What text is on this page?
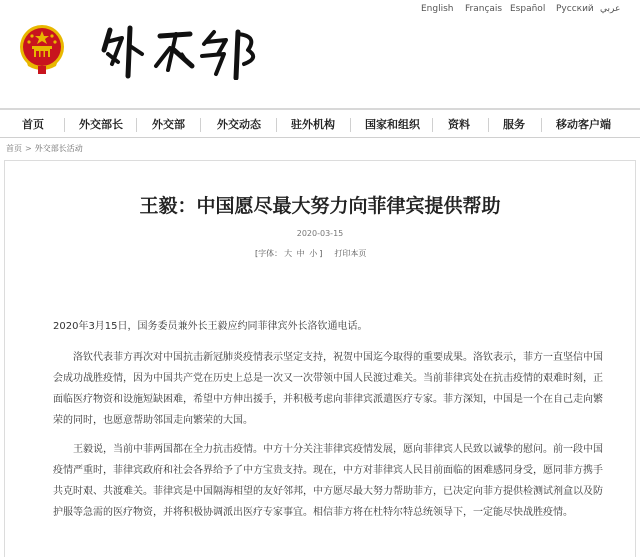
外交部
English Français Español Русский عربي
首页	外交部长	外交部	外交动态	驻外机构	国家和组织	资料	服务	移动客户端
首页 > 外交部长活动
王毅：中国愿尽最大努力向菲律宾提供帮助
2020-03-15
[字体： 大 中 小 ] 打印本页

2020年3月15日，国务委员兼外长王毅应约同菲律宾外长洛钦通电话。

洛钦代表菲方再次对中国抗击新冠肺炎疫情表示坚定支持，祝贺中国迄今取得的重要成果。洛钦表示，菲方一直坚信中国会成功战胜疫情，因为中国共产党在历史上总是一次又一次带领中国人民渡过难关。当前菲律宾处在抗击疫情的艰难时刻，正面临医疗物资和设施短缺困难，希望中方伸出援手，并积极考虑向菲律宾派遣医疗专家。菲方深知，中国是一个在自己走向繁荣的同时，也愿意帮助邻国走向繁荣的大国。

王毅说，当前中菲两国都在全力抗击疫情。中方十分关注菲律宾疫情发展，愿向菲律宾人民致以诚挚的慰问。前一段中国疫情严重时，菲律宾政府和社会各界给予了中方宝贵支持。现在，中方对菲律宾人民目前面临的困难感同身受，愿同菲方携手共克时艰、共渡难关。菲律宾是中国隔海相望的友好邻邦，中方愿尽最大努力帮助菲方，已决定向菲方提供检测试剂盒以及防护服等急需的医疗物资，并将积极协调派出医疗专家事宜。相信菲方将在杜特尔特总统领导下，一定能尽快战胜疫情。
